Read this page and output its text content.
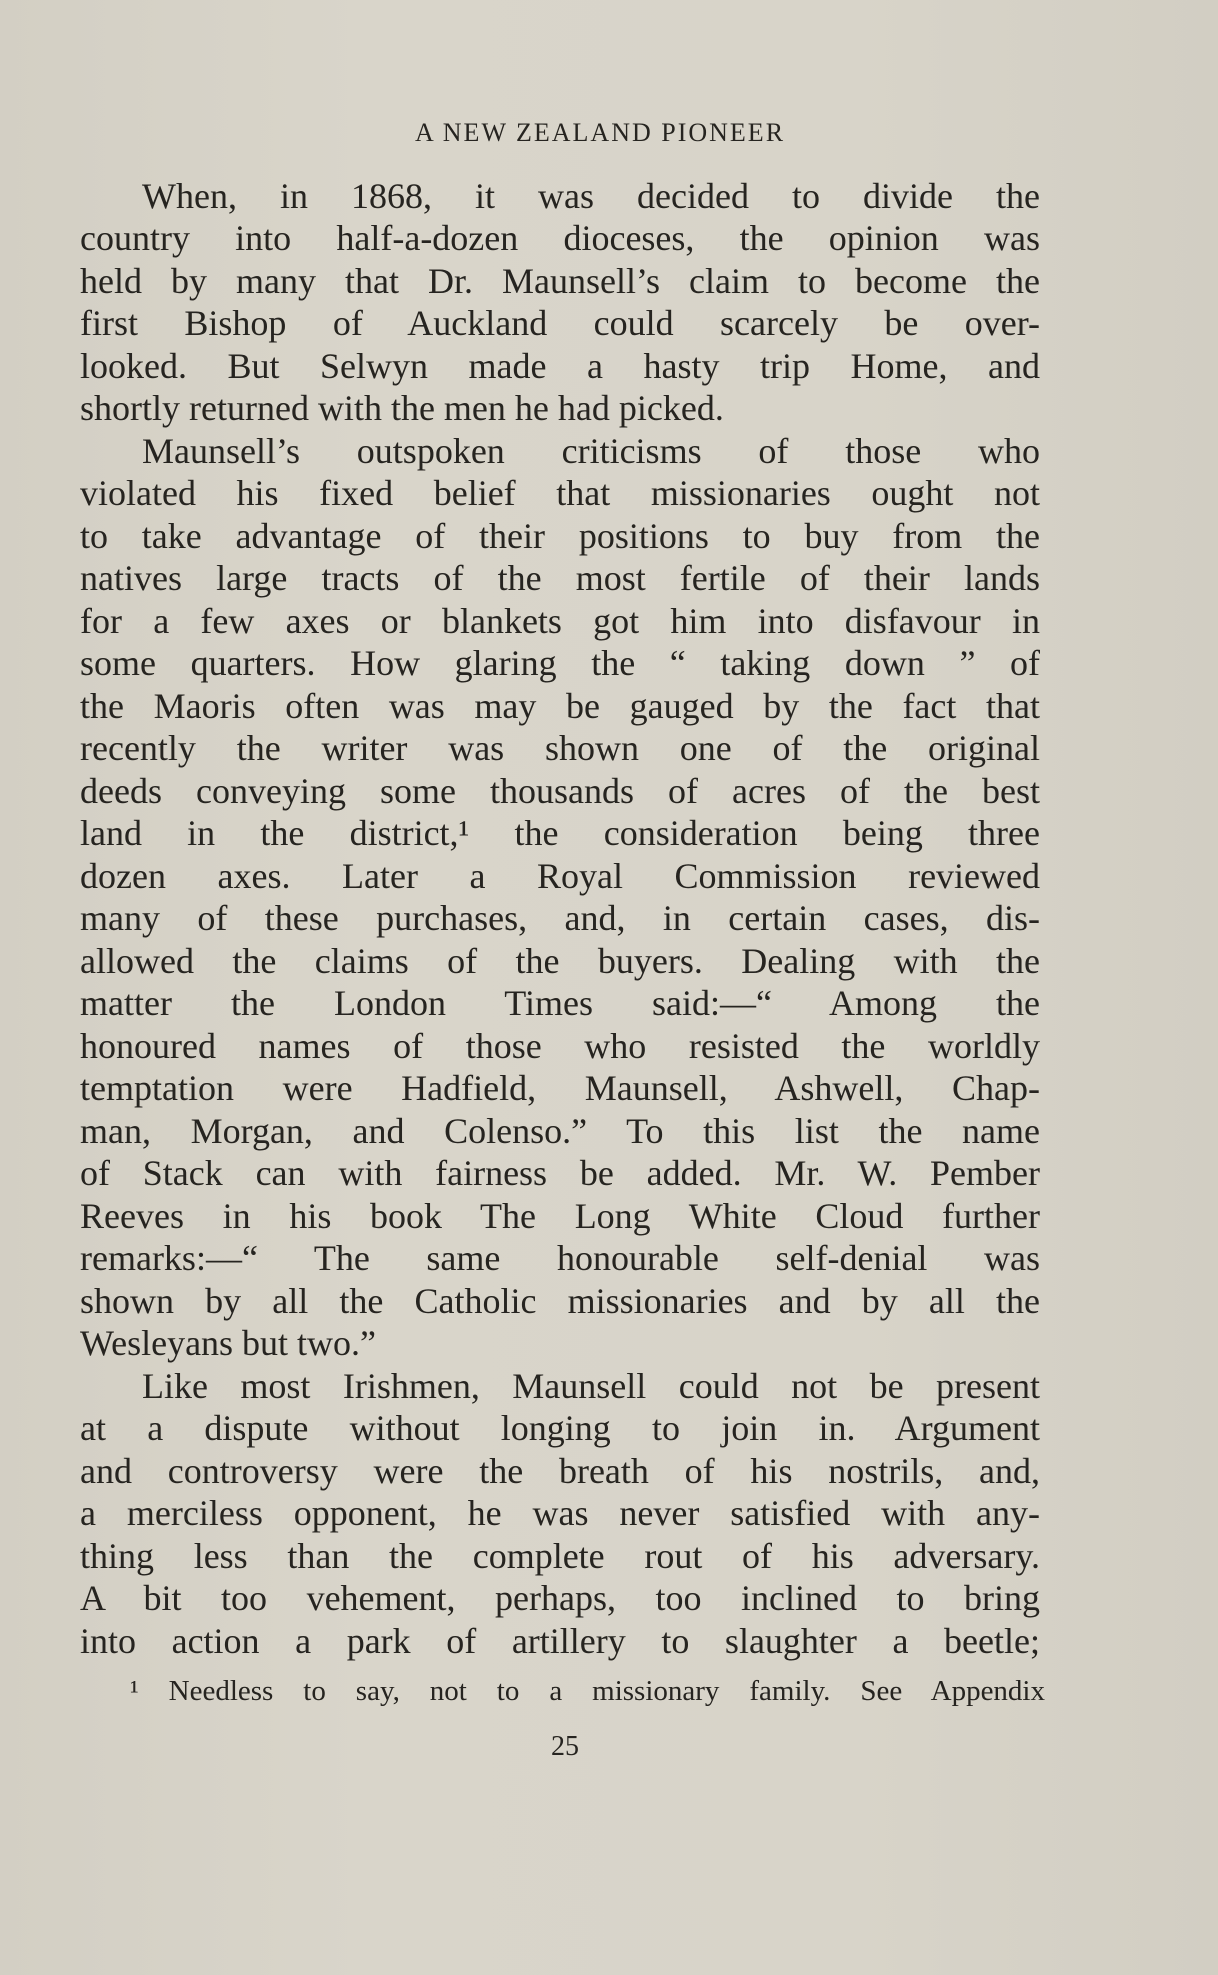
A NEW ZEALAND PIONEER
When, in 1868, it was decided to divide the
country into half-a-dozen dioceses, the opinion was
held by many that Dr. Maunsell’s claim to become the
first Bishop of Auckland could scarcely be over-
looked. But Selwyn made a hasty trip Home, and
shortly returned with the men he had picked.
Maunsell’s outspoken criticisms of those who
violated his fixed belief that missionaries ought not
to take advantage of their positions to buy from the
natives large tracts of the most fertile of their lands
for a few axes or blankets got him into disfavour in
some quarters. How glaring the “ taking down ” of
the Maoris often was may be gauged by the fact that
recently the writer was shown one of the original
deeds conveying some thousands of acres of the best
land in the district,¹ the consideration being three
dozen axes. Later a Royal Commission reviewed
many of these purchases, and, in certain cases, dis-
allowed the claims of the buyers. Dealing with the
matter the London Times said:—“ Among the
honoured names of those who resisted the worldly
temptation were Hadfield, Maunsell, Ashwell, Chap-
man, Morgan, and Colenso.” To this list the name
of Stack can with fairness be added. Mr. W. Pember
Reeves in his book The Long White Cloud further
remarks:—“ The same honourable self-denial was
shown by all the Catholic missionaries and by all the
Wesleyans but two.”
Like most Irishmen, Maunsell could not be present
at a dispute without longing to join in. Argument
and controversy were the breath of his nostrils, and,
a merciless opponent, he was never satisfied with any-
thing less than the complete rout of his adversary.
A bit too vehement, perhaps, too inclined to bring
into action a park of artillery to slaughter a beetle;
¹ Needless to say, not to a missionary family. See Appendix
25
